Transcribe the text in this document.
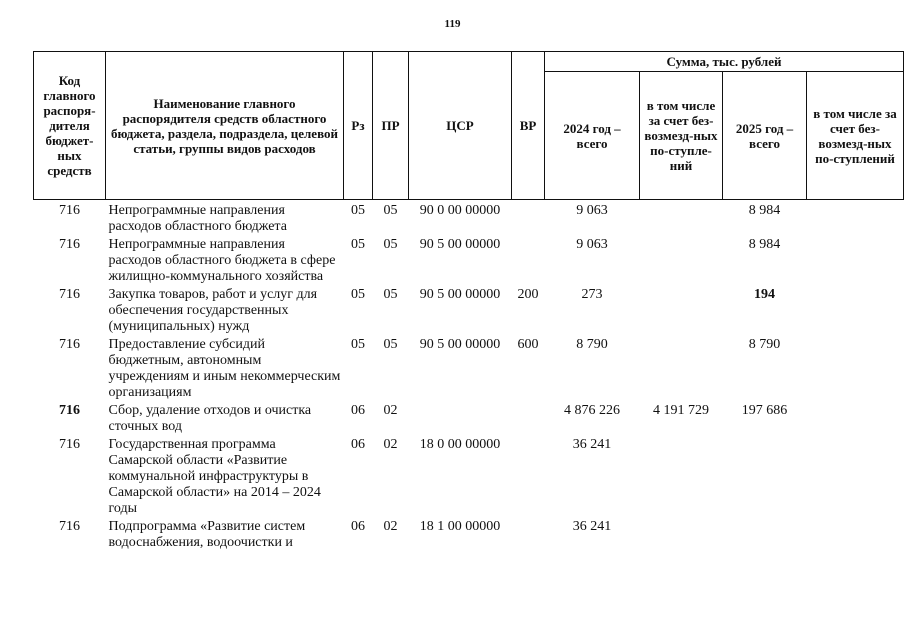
119
Код главного распоря-дителя бюджет-ных средств	Наименование главного распорядителя средств областного бюджета, раздела, подраздела, целевой статьи, группы видов расходов	Рз	ПР	ЦСР	ВР	Сумма, тыс. рублей			
						2024 год – всего	в том числе за счет без-возмезд-ных по-ступле-ний	2025 год – всего	в том числе за счет без-возмезд-ных по-ступлений
716	Непрограммные направления расходов областного бюджета	05	05	90 0 00 00000		9 063		8 984	
716	Непрограммные направления расходов областного бюджета в сфере жилищно-коммунального хозяйства	05	05	90 5 00 00000		9 063		8 984	
716	Закупка товаров, работ и услуг для обеспечения государственных (муниципальных) нужд	05	05	90 5 00 00000	200	273		194	
716	Предоставление субсидий бюджетным, автономным учреждениям и иным некоммерческим организациям	05	05	90 5 00 00000	600	8 790		8 790	
716	Сбор, удаление отходов и очистка сточных вод	06	02			4 876 226	4 191 729	197 686	
716	Государственная программа Самарской области «Развитие коммунальной инфраструктуры в Самарской области» на 2014 – 2024 годы	06	02	18 0 00 00000		36 241			
716	Подпрограмма «Развитие систем водоснабжения, водоочистки и	06	02	18 1 00 00000		36 241			
